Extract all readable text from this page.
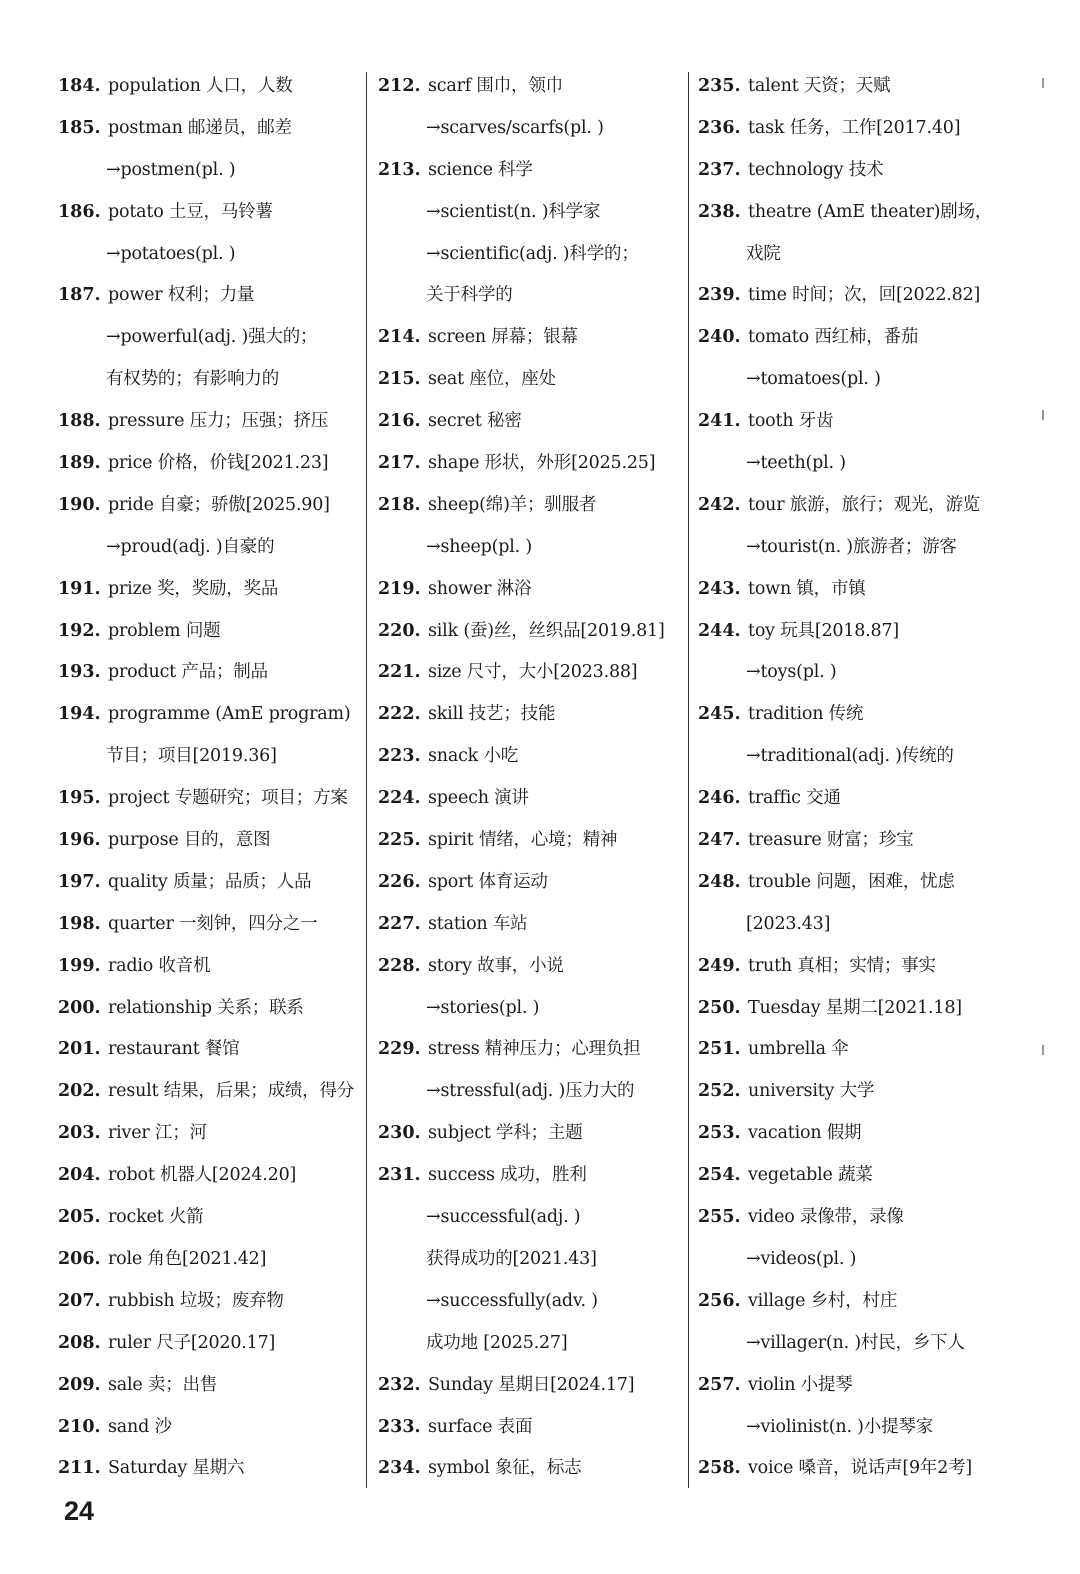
184. population 人口，人数
185. postman 邮递员，邮差
→postmen(pl. )
186. potato 土豆，马铃薯
→potatoes(pl. )
187. power 权利；力量
→powerful(adj. )强大的；
有权势的；有影响力的
188. pressure 压力；压强；挤压
189. price 价格，价钱[2021.23]
190. pride 自豪；骄傲[2025.90]
→proud(adj. )自豪的
191. prize 奖，奖励，奖品
192. problem 问题
193. product 产品；制品
194. programme (AmE program)
节目；项目[2019.36]
195. project 专题研究；项目；方案
196. purpose 目的，意图
197. quality 质量；品质；人品
198. quarter 一刻钟，四分之一
199. radio 收音机
200. relationship 关系；联系
201. restaurant 餐馆
202. result 结果，后果；成绩，得分
203. river 江；河
204. robot 机器人[2024.20]
205. rocket 火箭
206. role 角色[2021.42]
207. rubbish 垃圾；废弃物
208. ruler 尺子[2020.17]
209. sale 卖；出售
210. sand 沙
211. Saturday 星期六
212. scarf 围巾，领巾
→scarves/scarfs(pl. )
213. science 科学
→scientist(n. )科学家
→scientific(adj. )科学的；
关于科学的
214. screen 屏幕；银幕
215. seat 座位，座处
216. secret 秘密
217. shape 形状，外形[2025.25]
218. sheep(绵)羊；驯服者
→sheep(pl. )
219. shower 淋浴
220. silk (蚕)丝，丝织品[2019.81]
221. size 尺寸，大小[2023.88]
222. skill 技艺；技能
223. snack 小吃
224. speech 演讲
225. spirit 情绪，心境；精神
226. sport 体育运动
227. station 车站
228. story 故事，小说
→stories(pl. )
229. stress 精神压力；心理负担
→stressful(adj. )压力大的
230. subject 学科；主题
231. success 成功，胜利
→successful(adj. )
获得成功的[2021.43]
→successfully(adv. )
成功地 [2025.27]
232. Sunday 星期日[2024.17]
233. surface 表面
234. symbol 象征，标志
235. talent 天资；天赋
236. task 任务，工作[2017.40]
237. technology 技术
238. theatre (AmE theater)剧场，
戏院
239. time 时间；次，回[2022.82]
240. tomato 西红柿，番茄
→tomatoes(pl. )
241. tooth 牙齿
→teeth(pl. )
242. tour 旅游，旅行；观光，游览
→tourist(n. )旅游者；游客
243. town 镇，市镇
244. toy 玩具[2018.87]
→toys(pl. )
245. tradition 传统
→traditional(adj. )传统的
246. traffic 交通
247. treasure 财富；珍宝
248. trouble 问题，困难，忧虑
[2023.43]
249. truth 真相；实情；事实
250. Tuesday 星期二[2021.18]
251. umbrella 伞
252. university 大学
253. vacation 假期
254. vegetable 蔬菜
255. video 录像带，录像
→videos(pl. )
256. village 乡村，村庄
→villager(n. )村民，乡下人
257. violin 小提琴
→violinist(n. )小提琴家
258. voice 嗓音，说话声[9年2考]
24
